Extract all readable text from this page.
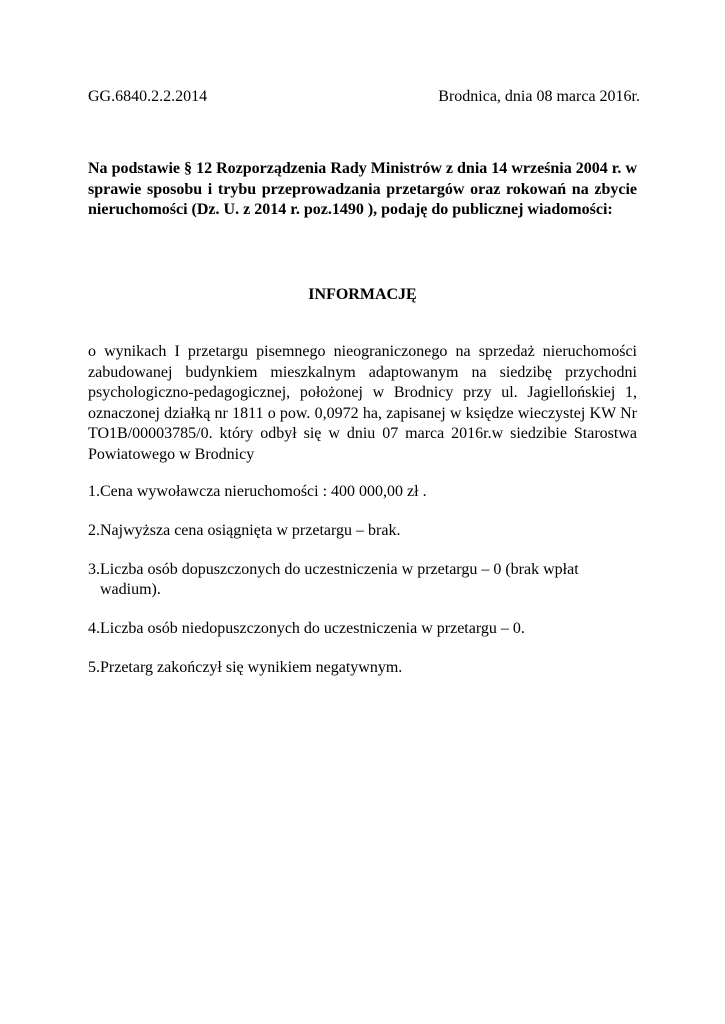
GG.6840.2.2.2014	Brodnica, dnia 08 marca 2016r.

Na podstawie § 12 Rozporządzenia Rady Ministrów z dnia 14 września 2004 r. w sprawie sposobu i trybu przeprowadzania przetargów oraz rokowań na zbycie nieruchomości (Dz. U. z 2014 r. poz.1490 ), podaję do publicznej wiadomości:

INFORMACJĘ

o wynikach I przetargu pisemnego nieograniczonego na sprzedaż nieruchomości zabudowanej budynkiem mieszkalnym adaptowanym na siedzibę przychodni psychologiczno-pedagogicznej, położonej w Brodnicy przy ul. Jagiellońskiej 1, oznaczonej działką nr 1811 o pow. 0,0972 ha, zapisanej w księdze wieczystej KW Nr TO1B/00003785/0. który odbył się w dniu 07 marca 2016r.w siedzibie Starostwa Powiatowego w Brodnicy

1.Cena wywoławcza nieruchomości : 400 000,00 zł .
2.Najwyższa cena osiągnięta w przetargu – brak.
3.Liczba osób dopuszczonych do uczestniczenia w przetargu – 0 (brak wpłat wadium).
4.Liczba osób niedopuszczonych do uczestniczenia w przetargu – 0.
5.Przetarg zakończył się wynikiem negatywnym.
